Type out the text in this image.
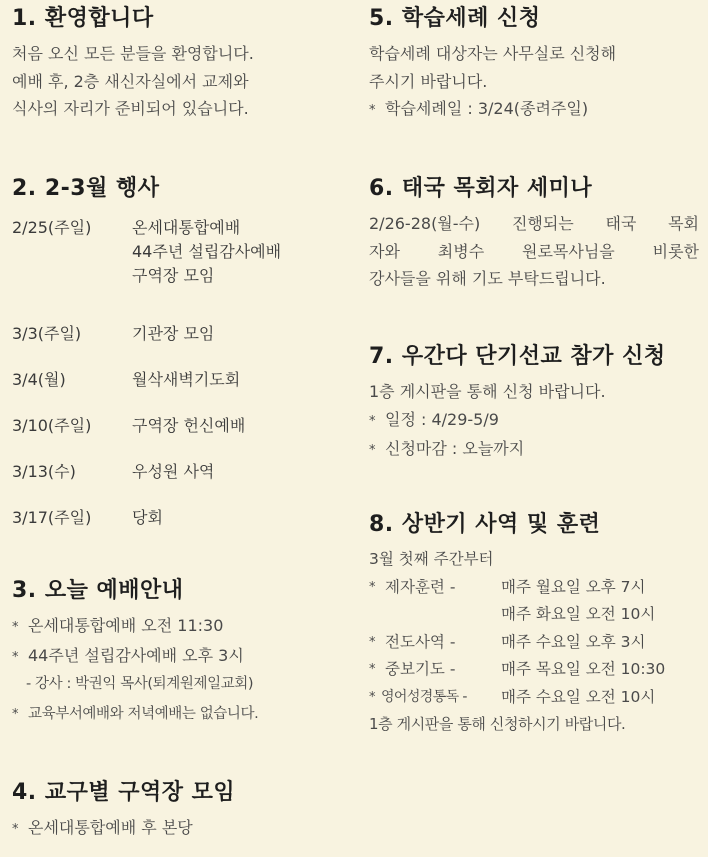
1. 환영합니다

처음 오신 모든 분들을 환영합니다.

예배 후, 2층 새신자실에서 교제와

식사의 자리가 준비되어 있습니다.

2. 2-3월 행사
2/25(주일)	온세대통합예배
44주년 설립감사예배
구역장 모임
3/3(주일)	기관장 모임
3/4(월)	월삭새벽기도회
3/10(주일)	구역장 헌신예배
3/13(수)	우성원 사역
3/17(주일)	당회
3. 오늘 예배안내

* 온세대통합예배 오전 11:30

* 44주년 설립감사예배 오후 3시

- 강사 : 박권익 목사(퇴계원제일교회)

* 교육부서예배와 저녁예배는 없습니다.

4. 교구별 구역장 모임

* 온세대통합예배 후 본당

5. 학습세례 신청

학습세례 대상자는 사무실로 신청해

주시기 바랍니다.

* 학습세례일 : 3/24(종려주일)

6. 태국 목회자 세미나

2/26-28(월-수) 진행되는 태국 목회

자와 최병수 원로목사님을 비롯한

강사들을 위해 기도 부탁드립니다.

7. 우간다 단기선교 참가 신청

1층 게시판을 통해 신청 바랍니다.

* 일정 : 4/29-5/9

* 신청마감 : 오늘까지

8. 상반기 사역 및 훈련

3월 첫째 주간부터

* 제자훈련 -	매주 월요일 오후 7시
매주 화요일 오전 10시
* 전도사역 -	매주 수요일 오후 3시
* 중보기도 -	매주 목요일 오전 10:30
* 영어성경통독 -	매주 수요일 오전 10시

1층 게시판을 통해 신청하시기 바랍니다.
